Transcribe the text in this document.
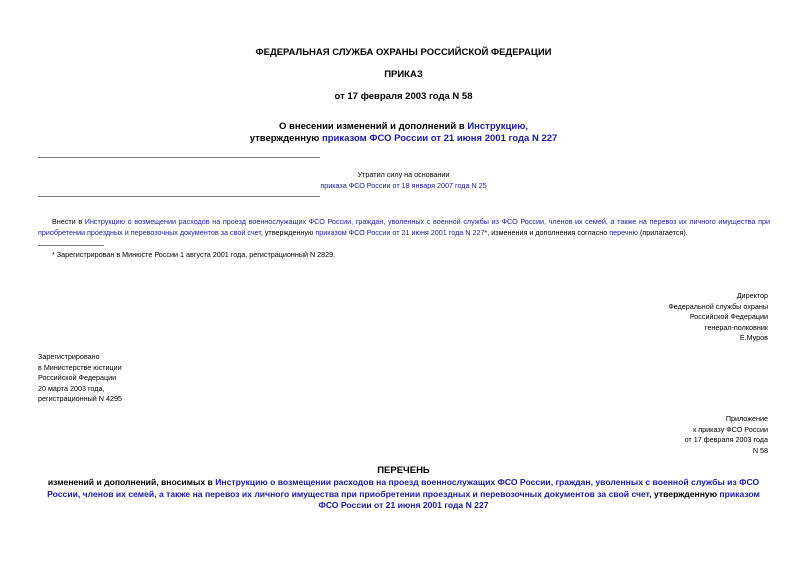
ФЕДЕРАЛЬНАЯ СЛУЖБА ОХРАНЫ РОССИЙСКОЙ ФЕДЕРАЦИИ
ПРИКАЗ
от 17 февраля 2003 года N 58
О внесении изменений и дополнений в Инструкцию,
утвержденную приказом ФСО России от 21 июня 2001 года N 227
Утратил силу на основании
приказа ФСО России от 18 января 2007 года N 25
Внести в Инструкцию о возмещении расходов на проезд военнослужащих ФСО России, граждан, уволенных с военной службы из ФСО России, членов их семей, а также на перевоз их личного имущества при приобретении проездных и перевозочных документов за свой счет, утвержденную приказом ФСО России от 21 июня 2001 года N 227*, изменения и дополнения согласно перечню (прилагается).
* Зарегистрирован в Минюсте России 1 августа 2001 года, регистрационный N 2829.
Директор
Федеральной службы охраны
Российской Федерации
генерал-полковник
Е.Муров
Зарегистрировано
в Министерстве юстиции
Российской Федерации
20 марта 2003 года,
регистрационный N 4295
Приложение
к приказу ФСО России
от 17 февраля 2003 года
N 58
ПЕРЕЧЕНЬ
изменений и дополнений, вносимых в Инструкцию о возмещении расходов на проезд военнослужащих ФСО России, граждан, уволенных с военной службы из ФСО России, членов их семей, а также на перевоз их личного имущества при приобретении проездных и перевозочных документов за свой счет, утвержденную приказом ФСО России от 21 июня 2001 года N 227
